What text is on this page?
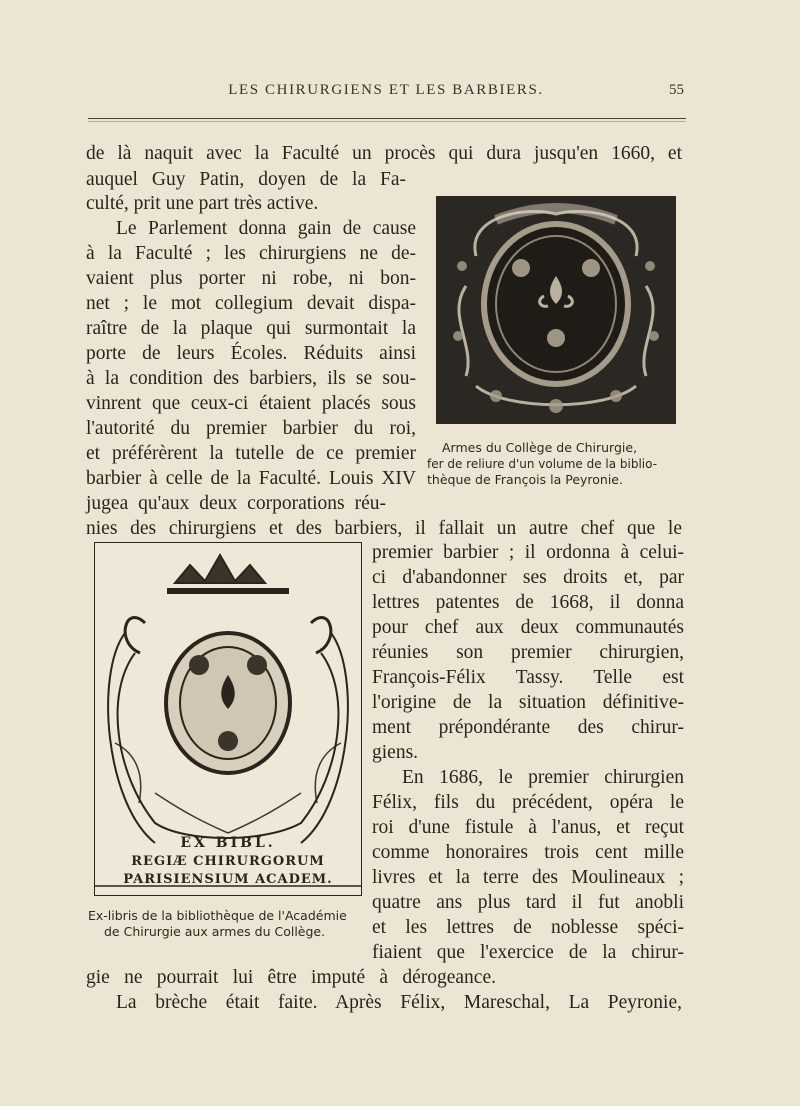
LES CHIRURGIENS ET LES BARBIERS.	55
Armes du Collège de Chirurgie,
fer de reliure d'un volume de la biblio-
thèque de François la Peyronie.
EX BIBL.
REGIÆ CHIRURGORUM
PARISIENSIUM ACADEM.
Ex-libris de la bibliothèque de l'Académie
de Chirurgie aux armes du Collège.
de là naquit avec la Faculté un procès qui dura jusqu'en 1660, et
auquel Guy Patin, doyen de la Fa-
culté, prit une part très active.
Le Parlement donna gain de cause
à la Faculté ; les chirurgiens ne de-
vaient plus porter ni robe, ni bon-
net ; le mot collegium devait dispa-
raître de la plaque qui surmontait la
porte de leurs Écoles. Réduits ainsi
à la condition des barbiers, ils se sou-
vinrent que ceux-ci étaient placés sous
l'autorité du premier barbier du roi,
et préférèrent la tutelle de ce premier
barbier à celle de la Faculté. Louis XIV
jugea qu'aux deux corporations réu-
nies des chirurgiens et des barbiers, il fallait un autre chef que le
premier barbier ; il ordonna à celui-
ci d'abandonner ses droits et, par
lettres patentes de 1668, il donna
pour chef aux deux communautés
réunies son premier chirurgien,
François-Félix Tassy. Telle est
l'origine de la situation définitive-
ment prépondérante des chirur-
giens.
En 1686, le premier chirurgien
Félix, fils du précédent, opéra le
roi d'une fistule à l'anus, et reçut
comme honoraires trois cent mille
livres et la terre des Moulineaux ;
quatre ans plus tard il fut anobli
et les lettres de noblesse spéci-
fiaient que l'exercice de la chirur-
gie ne pourrait lui être imputé à dérogeance.
La brèche était faite. Après Félix, Mareschal, La Peyronie,
